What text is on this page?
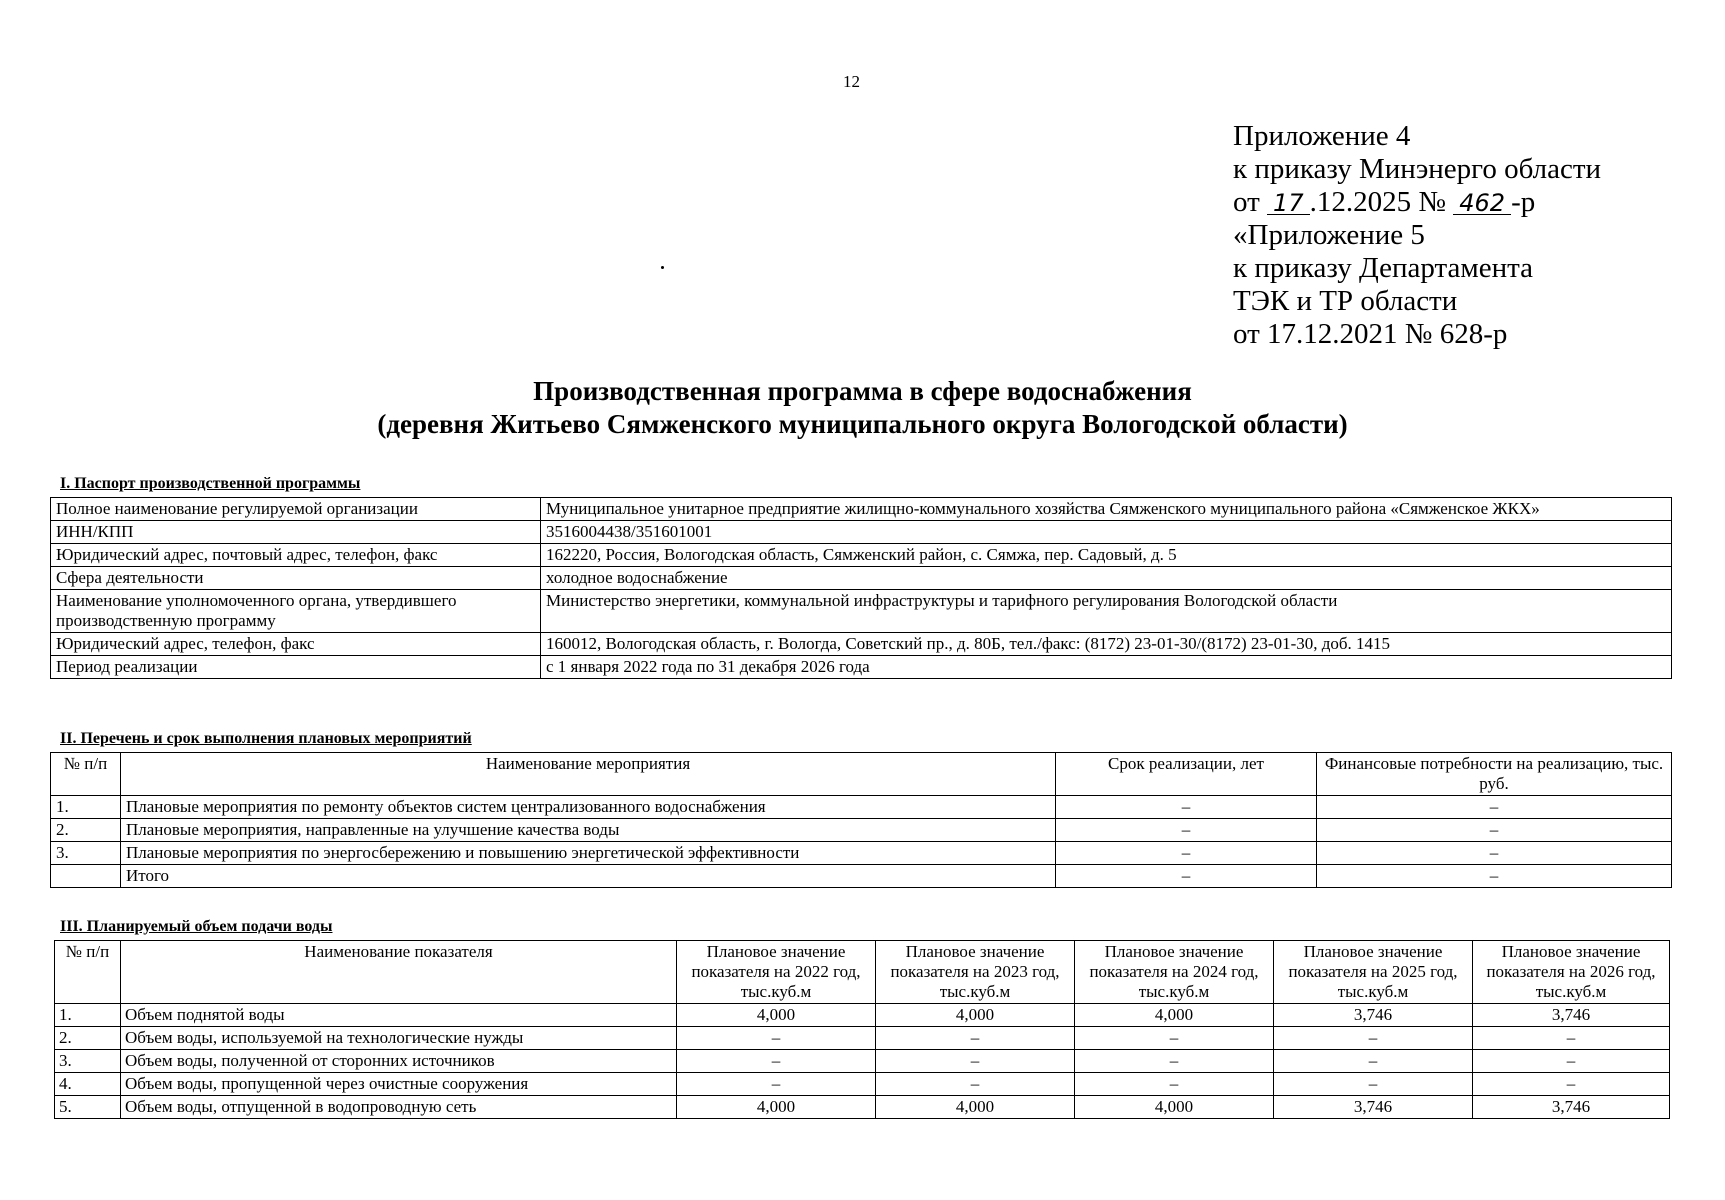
12
Приложение 4
к приказу Минэнерго области
от 17 .12.2025 № 462 -р
«Приложение 5
к приказу Департамента
ТЭК и ТР области
от 17.12.2021 № 628-р
Производственная программа в сфере водоснабжения
(деревня Житьево Сямженского муниципального округа Вологодской области)
I. Паспорт производственной программы
Полное наименование регулируемой организации	Муниципальное унитарное предприятие жилищно-коммунального хозяйства Сямженского муниципального района «Сямженское ЖКХ»
ИНН/КПП	3516004438/351601001
Юридический адрес, почтовый адрес, телефон, факс	162220, Россия, Вологодская область, Сямженский район, с. Сямжа, пер. Садовый, д. 5
Сфера деятельности	холодное водоснабжение
Наименование уполномоченного органа, утвердившего производственную программу	Министерство энергетики, коммунальной инфраструктуры и тарифного регулирования Вологодской области
Юридический адрес, телефон, факс	160012, Вологодская область, г. Вологда, Советский пр., д. 80Б, тел./факс: (8172) 23-01-30/(8172) 23-01-30, доб. 1415
Период реализации	с 1 января 2022 года по 31 декабря 2026 года
II. Перечень и срок выполнения плановых мероприятий
№ п/п	Наименование мероприятия	Срок реализации, лет	Финансовые потребности на реализацию, тыс. руб.
1.	Плановые мероприятия по ремонту объектов систем централизованного водоснабжения	–	–
2.	Плановые мероприятия, направленные на улучшение качества воды	–	–
3.	Плановые мероприятия по энергосбережению и повышению энергетической эффективности	–	–
	Итого	–	–
III. Планируемый объем подачи воды
№ п/п	Наименование показателя	Плановое значение показателя на 2022 год, тыс.куб.м	Плановое значение показателя на 2023 год, тыс.куб.м	Плановое значение показателя на 2024 год, тыс.куб.м	Плановое значение показателя на 2025 год, тыс.куб.м	Плановое значение показателя на 2026 год, тыс.куб.м
1.	Объем поднятой воды	4,000	4,000	4,000	3,746	3,746
2.	Объем воды, используемой на технологические нужды	–	–	–	–	–
3.	Объем воды, полученной от сторонних источников	–	–	–	–	–
4.	Объем воды, пропущенной через очистные сооружения	–	–	–	–	–
5.	Объем воды, отпущенной в водопроводную сеть	4,000	4,000	4,000	3,746	3,746
